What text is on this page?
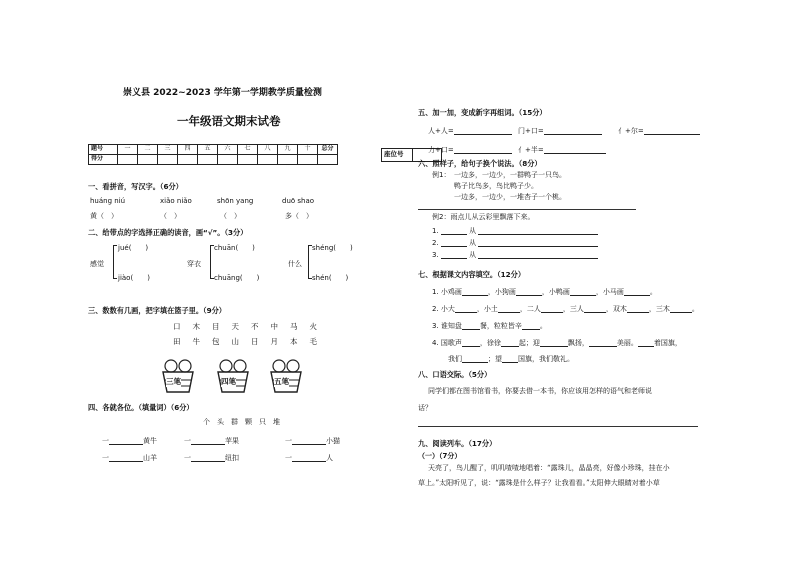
崇义县 2022~2023 学年第一学期教学质量检测
一年级语文期末试卷
题号	一	二	三	四	五	六	七	八	九	十	总分
得分											
座位号	
一、看拼音，写汉字。（6分）
huáng niú	xiǎo niǎo	shōn yang	duō shao
黄（　）	（　）	（　）	多（　）
二、给带点的字选择正确的读音，画“√”。（3分）
感觉
jué(　　)
jiào(　　)
穿衣
chuān(　　)
chuāng(　　)
什么
shéng(　　)
shén(　　)
三、数数有几画，把字填在篮子里。（9分）
口 木 目 天 不 中 马 火
田 牛 包 山 日 月 本 毛
三笔	四笔	五笔
四、各就各位。（填量词）（6分）
个 头 群 颗 只 堆
一	黄牛	一	苹果	一	小猫
一	山羊	一	纽扣	一	人
五、加一加，变成新字再组词。（15分）
人+人=	门+口=	亻+尔=
力+口=	亻+半=
六、照样子，给句子换个说法。（8分）
例1： 一边多，一边少，一群鸭子一只鸟。
鸭子比鸟多，鸟比鸭子少。
一边多，一边少，一堆杏子一个桃。
例2：雨点儿从云彩里飘落下来。
1.	从
2.	从
3.	从
七、根据课文内容填空。（12分）
1. 小鸡画	，小狗画	，小鸭画	，小马画	。
2. 小大	，小土	，二人	，三人	，双木	，三木	。
3. 谁知盘	餐，粒粒皆辛	。
4. 国歌声	，徐徐	起；迎	飘扬，	美丽。 着国旗，
我们	；望 国旗，我们敬礼。
八、口语交际。（5分）
同学们都在图书馆看书，你要去借一本书，你应该用怎样的语气和老师说
话？
九、阅读列车。（17分）
（一）（7分）
天亮了，鸟儿醒了，叽叽喳喳地唱着：“露珠儿，晶晶亮，好像小珍珠，挂在小
草上。”太阳听见了，说：“露珠是什么样子？让我看看。”太阳伸大眼睛对着小草
